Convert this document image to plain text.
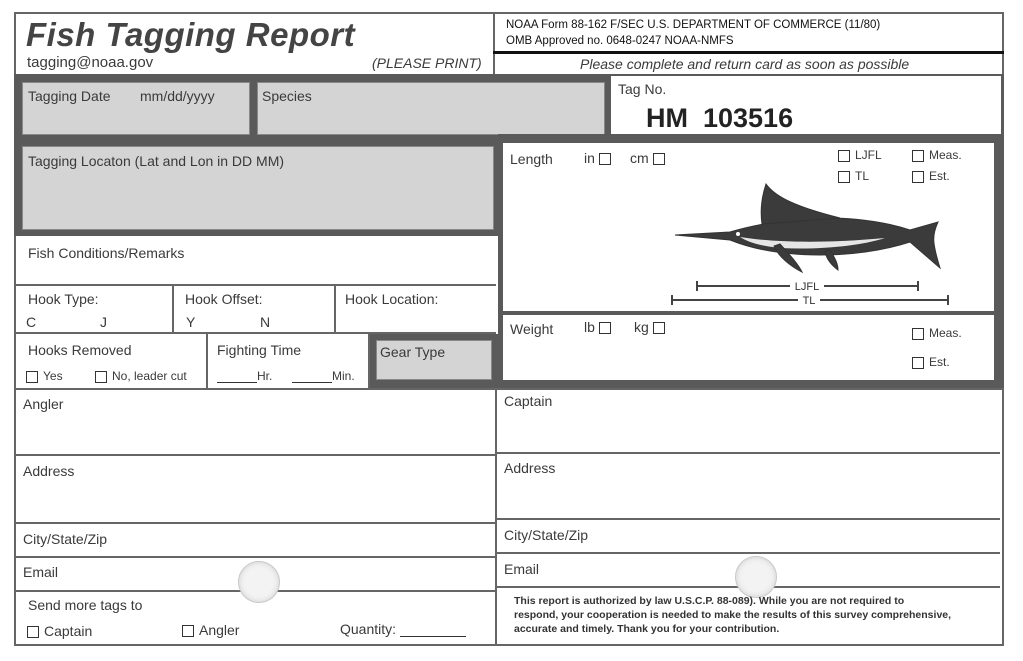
Fish Tagging Report
tagging@noaa.gov	(PLEASE PRINT)
NOAA Form 88-162 F/SEC U.S. DEPARTMENT OF COMMERCE (11/80)
OMB Approved no. 0648-0247 NOAA-NMFS
Please complete and return card as soon as possible
Tagging Date mm/dd/yyyy	Species	Tag No.
HM  103516
Tagging Locaton (Lat and Lon in DD MM)
Fish Conditions/Remarks
Hook Type:
C	J
Hook Offset:
Y	N
Hook Location:
Hooks Removed
Yes	No, leader cut
Fighting Time
Hr.	Min.
Gear Type
Length in	cm	LJFL
TL
Meas.
Est.
LJFL
TL
Weight lb	kg	Meas.
Est.
Angler
Address
City/State/Zip
Email
Captain
Address
City/State/Zip
Email
Send more tags to
Captain	Angler	Quantity:
This report is authorized by law U.S.C.P. 88-089). While you are not required to
respond, your cooperation is needed to make the results of this survey comprehensive,
accurate and timely. Thank you for your contribution.
